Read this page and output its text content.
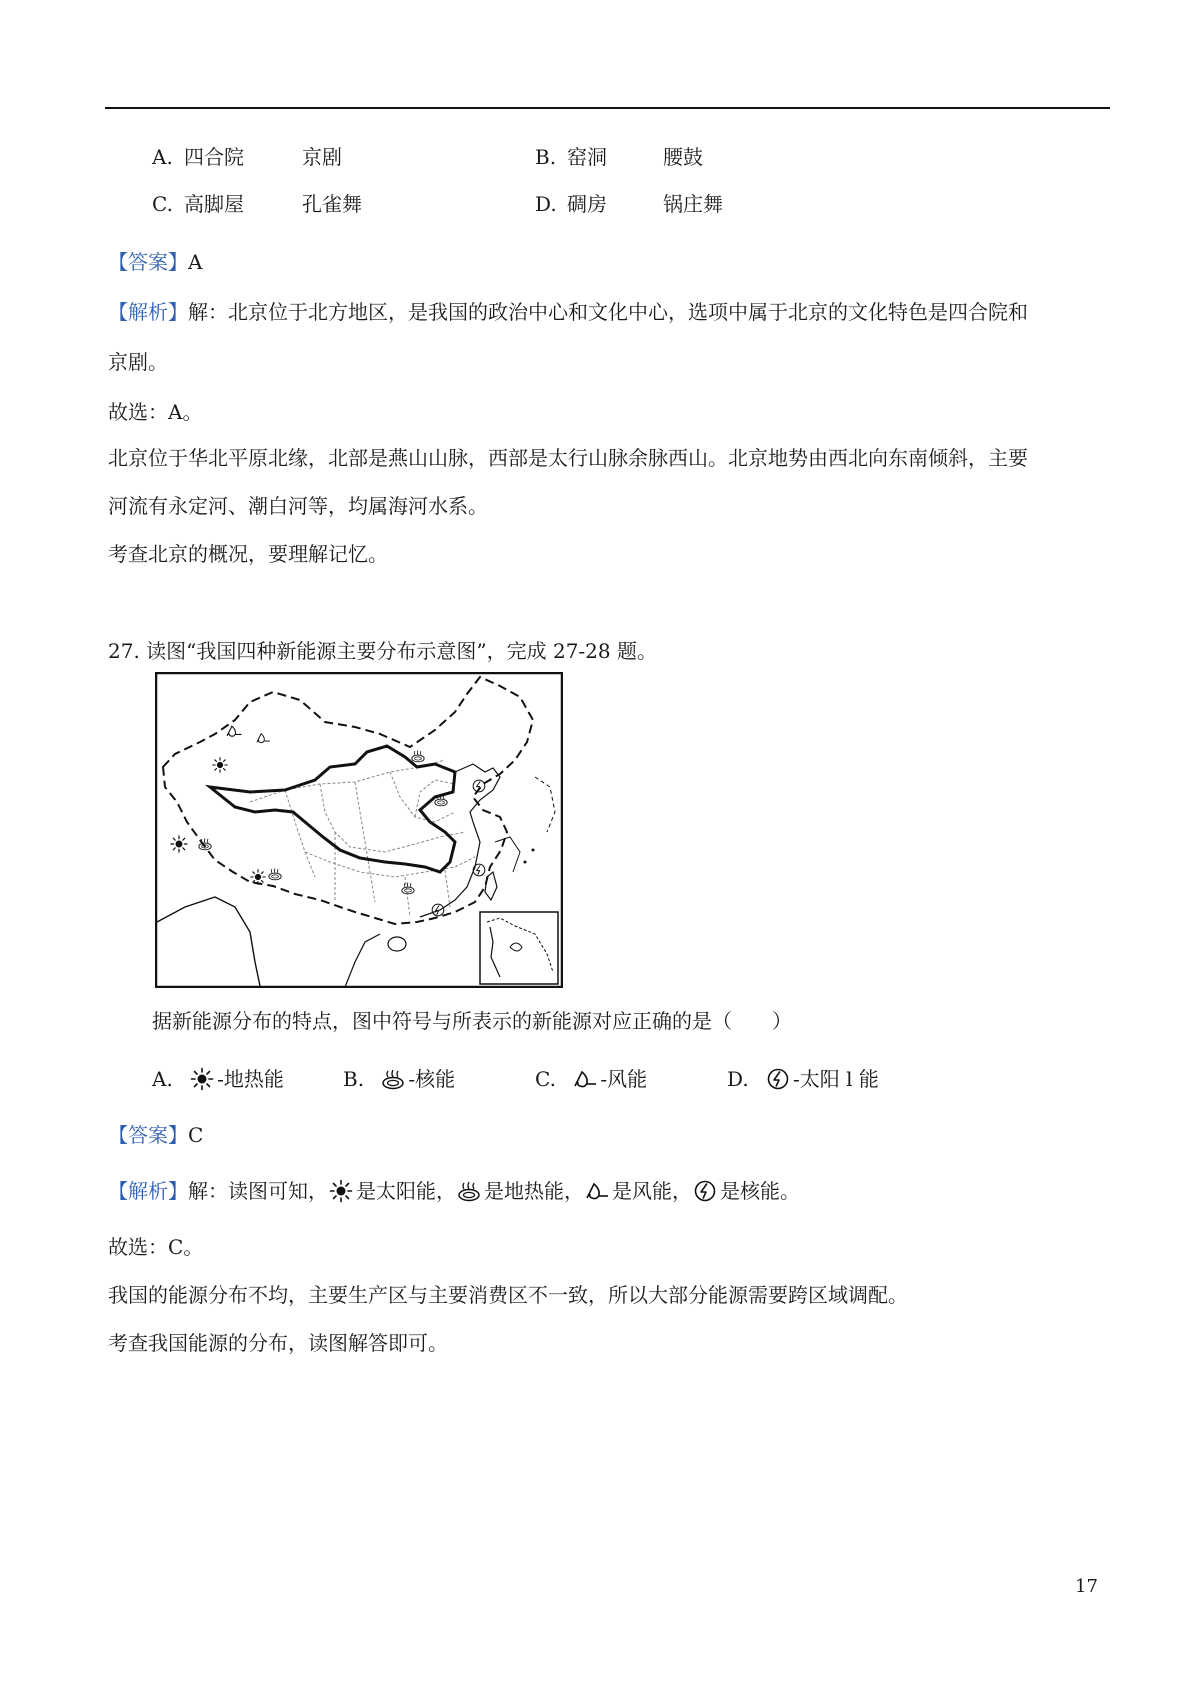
A. 四合院	京剧	B. 窑洞	腰鼓
C. 高脚屋	孔雀舞	D. 碉房	锅庄舞
【答案】A
【解析】解：北京位于北方地区，是我国的政治中心和文化中心，选项中属于北京的文化特色是四合院和
京剧。
故选：A。
北京位于华北平原北缘，北部是燕山山脉，西部是太行山脉余脉西山。北京地势由西北向东南倾斜，主要
河流有永定河、潮白河等，均属海河水系。
考查北京的概况，要理解记忆。
27. 读图“我国四种新能源主要分布示意图”，完成 27-28 题。
据新能源分布的特点，图中符号与所表示的新能源对应正确的是（　　）
A. -地热能	B. -核能	C. -风能	D. -太阳 l 能
【答案】C
【解析】解：读图可知， 是太阳能， 是地热能， 是风能， 是核能。
故选：C。
我国的能源分布不均，主要生产区与主要消费区不一致，所以大部分能源需要跨区域调配。
考查我国能源的分布，读图解答即可。
17
